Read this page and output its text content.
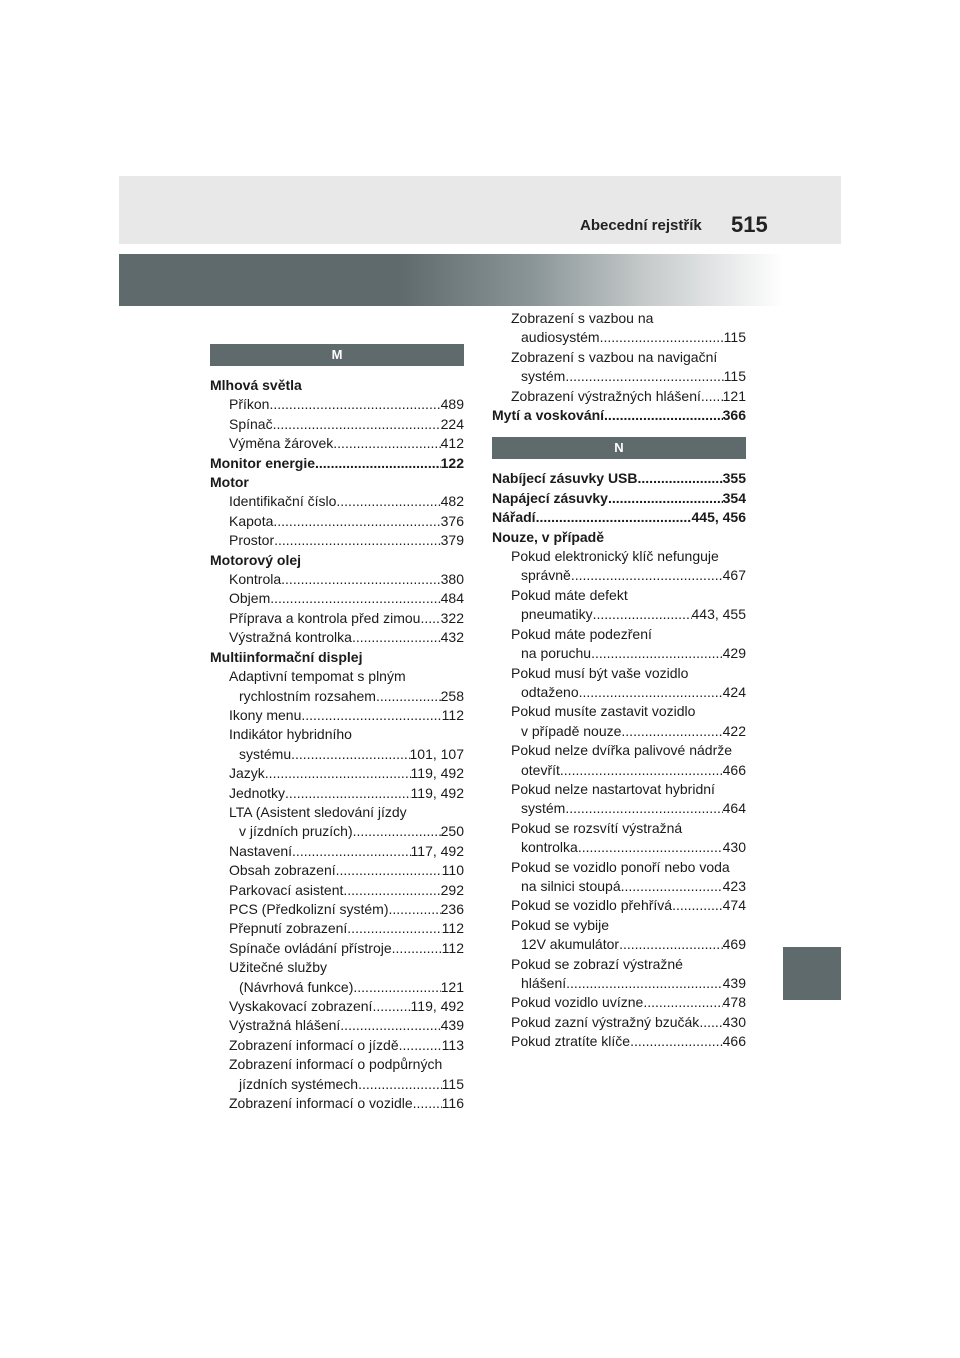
Abecední rejstřík 515
M
Mlhová světla
Příkon .....	489
Spínač .....	224
Výměna žárovek .....	412
Monitor energie .....	122
Motor
Identifikační číslo .....	482
Kapota .....	376
Prostor .....	379
Motorový olej
Kontrola .....	380
Objem .....	484
Příprava a kontrola před zimou ..... 322
Výstražná kontrolka .....	432
Multiinformační displej
Adaptivní tempomat s plným
rychlostním rozsahem .....	258
Ikony menu .....	112
Indikátor hybridního
systému .....	101, 107
Jazyk .....	119, 492
Jednotky .....	119, 492
LTA (Asistent sledování jízdy
v jízdních pruzích) .....	250
Nastavení .....	117, 492
Obsah zobrazení .....	110
Parkovací asistent .....	292
PCS (Předkolizní systém) .....	236
Přepnutí zobrazení .....	112
Spínače ovládání přístroje .....	112
Užitečné služby
(Návrhová funkce) .....	121
Vyskakovací zobrazení .....	119, 492
Výstražná hlášení .....	439
Zobrazení informací o jízdě .....	113
Zobrazení informací o podpůrných
jízdních systémech .....	115
Zobrazení informací o vozidle ..... 116
Zobrazení s vazbou na
audiosystém .....	115
Zobrazení s vazbou na navigační
systém .....	115
Zobrazení výstražných hlášení ..... 121
Mytí a voskování .....	366
N
Nabíjecí zásuvky USB .....	355
Napájecí zásuvky .....	354
Nářadí .....	445, 456
Nouze, v případě
Pokud elektronický klíč nefunguje
správně .....	467
Pokud máte defekt
pneumatiky .....	443, 455
Pokud máte podezření
na poruchu .....	429
Pokud musí být vaše vozidlo
odtaženo .....	424
Pokud musíte zastavit vozidlo
v případě nouze .....	422
Pokud nelze dvířka palivové nádrže
otevřít .....	466
Pokud nelze nastartovat hybridní
systém .....	464
Pokud se rozsvítí výstražná
kontrolka .....	430
Pokud se vozidlo ponoří nebo voda
na silnici stoupá .....	423
Pokud se vozidlo přehřívá .....	474
Pokud se vybije
12V akumulátor .....	469
Pokud se zobrazí výstražné
hlášení .....	439
Pokud vozidlo uvízne .....	478
Pokud zazní výstražný bzučák ..... 430
Pokud ztratíte klíče .....	466
